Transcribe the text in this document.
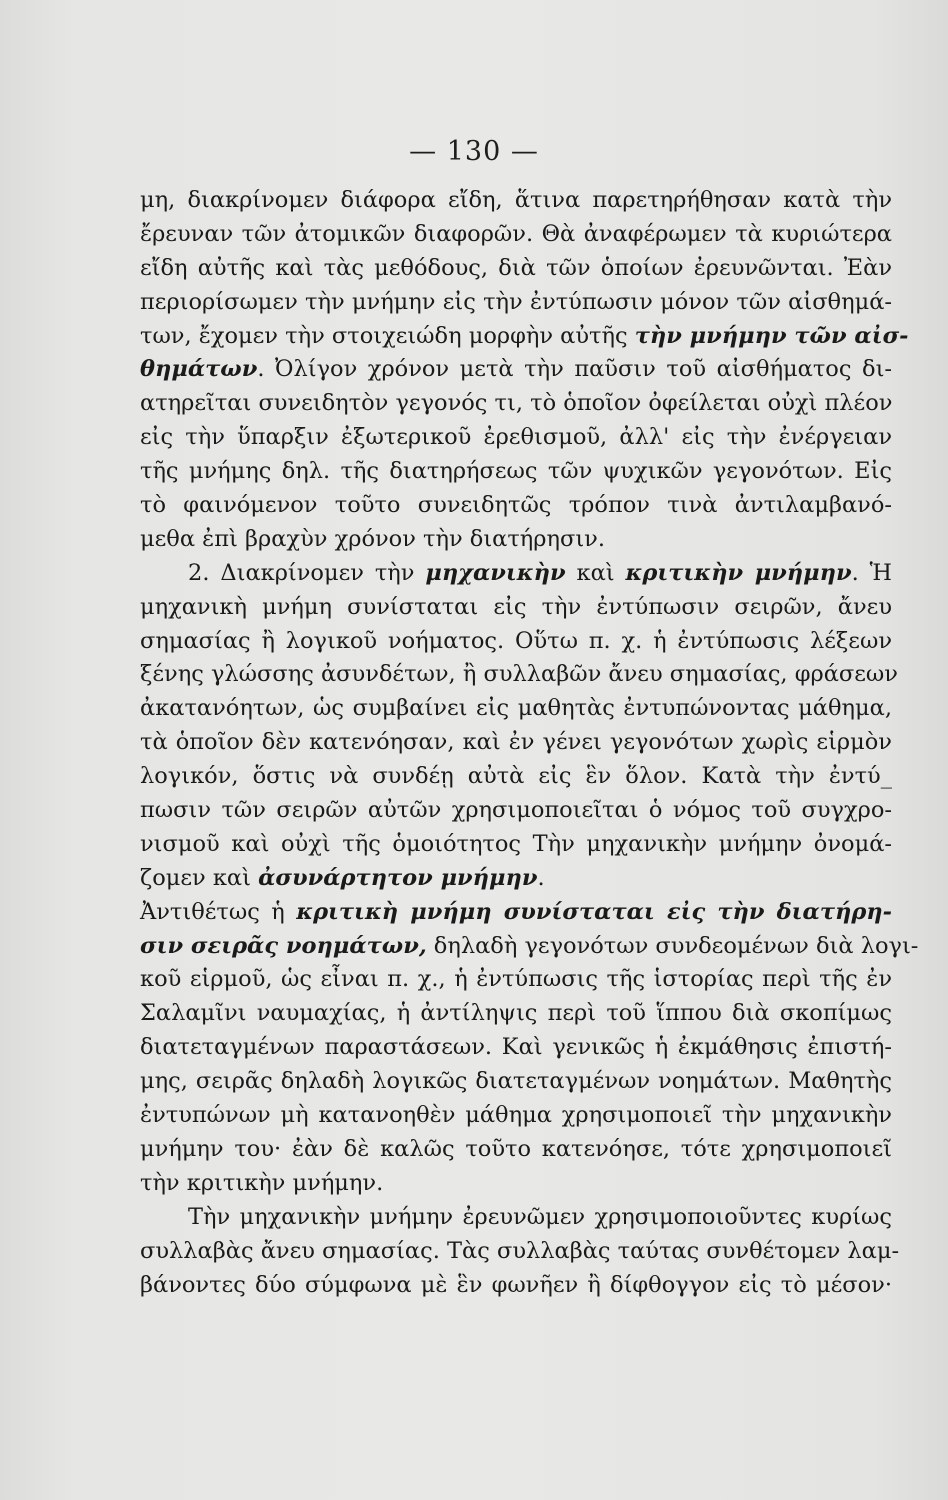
— 130 —
μη, διακρίνομεν διάφορα εἴδη, ἅτινα παρετηρήθησαν κατὰ τὴν
ἔρευναν τῶν ἀτομικῶν διαφορῶν. Θὰ ἀναφέρωμεν τὰ κυριώτερα
εἴδη αὐτῆς καὶ τὰς μεθόδους, διὰ τῶν ὁποίων ἐρευνῶνται. Ἐὰν
περιορίσωμεν τὴν μνήμην εἰς τὴν ἐντύπωσιν μόνον τῶν αἰσθημά-
των, ἔχομεν τὴν στοιχειώδη μορφὴν αὐτῆς τὴν μνήμην τῶν αἰσ-
θημάτων. Ὀλίγον χρόνον μετὰ τὴν παῦσιν τοῦ αἰσθήματος δι-
ατηρεῖται συνειδητὸν γεγονός τι, τὸ ὁποῖον ὀφείλεται οὐχὶ πλέον
εἰς τὴν ὕπαρξιν ἐξωτερικοῦ ἐρεθισμοῦ, ἀλλ' εἰς τὴν ἐνέργειαν
τῆς μνήμης δηλ. τῆς διατηρήσεως τῶν ψυχικῶν γεγονότων. Εἰς
τὸ φαινόμενον τοῦτο συνειδητῶς τρόπον τινὰ ἀντιλαμβανό-
μεθα ἐπὶ βραχὺν χρόνον τὴν διατήρησιν.
2. Διακρίνομεν τὴν μηχανικὴν καὶ κριτικὴν μνήμην. Ἡ
μηχανικὴ μνήμη συνίσταται εἰς τὴν ἐντύπωσιν σειρῶν, ἄνευ
σημασίας ἢ λογικοῦ νοήματος. Οὕτω π. χ. ἡ ἐντύπωσις λέξεων
ξένης γλώσσης ἀσυνδέτων, ἢ συλλαβῶν ἄνευ σημασίας, φράσεων
ἀκατανόητων, ὡς συμβαίνει εἰς μαθητὰς ἐντυπώνοντας μάθημα,
τὰ ὁποῖον δὲν κατενόησαν, καὶ ἐν γένει γεγονότων χωρὶς εἱρμὸν
λογικόν, ὅστις νὰ συνδέῃ αὐτὰ εἰς ἓν ὅλον. Κατὰ τὴν ἐντύ_
πωσιν τῶν σειρῶν αὐτῶν χρησιμοποιεῖται ὁ νόμος τοῦ συγχρο-
νισμοῦ καὶ οὐχὶ τῆς ὁμοιότητος Τὴν μηχανικὴν μνήμην ὀνομά-
ζομεν καὶ ἀσυνάρτητον μνήμην.
Ἀντιθέτως ἡ κριτικὴ μνήμη συνίσταται εἰς τὴν διατήρη-
σιν σειρᾶς νοημάτων, δηλαδὴ γεγονότων συνδεομένων διὰ λογι-
κοῦ εἱρμοῦ, ὡς εἶναι π. χ., ἡ ἐντύπωσις τῆς ἱστορίας περὶ τῆς ἐν
Σαλαμῖνι ναυμαχίας, ἡ ἀντίληψις περὶ τοῦ ἵππου διὰ σκοπίμως
διατεταγμένων παραστάσεων. Καὶ γενικῶς ἡ ἐκμάθησις ἐπιστή-
μης, σειρᾶς δηλαδὴ λογικῶς διατεταγμένων νοημάτων. Μαθητὴς
ἐντυπώνων μὴ κατανοηθὲν μάθημα χρησιμοποιεῖ τὴν μηχανικὴν
μνήμην του· ἐὰν δὲ καλῶς τοῦτο κατενόησε, τότε χρησιμοποιεῖ
τὴν κριτικὴν μνήμην.
Τὴν μηχανικὴν μνήμην ἐρευνῶμεν χρησιμοποιοῦντες κυρίως
συλλαβὰς ἄνευ σημασίας. Τὰς συλλαβὰς ταύτας συνθέτομεν λαμ-
βάνοντες δύο σύμφωνα μὲ ἓν φωνῆεν ἢ δίφθογγον εἰς τὸ μέσον·
